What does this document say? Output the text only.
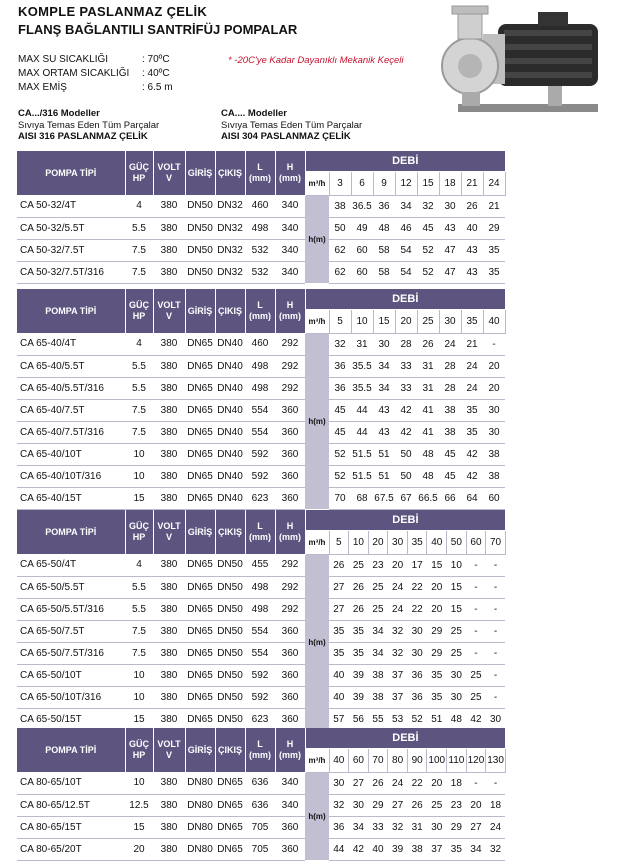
KOMPLE PASLANMAZ ÇELİK
FLANŞ BAĞLANTILI SANTRİFÜJ POMPALAR
MAX SU SICAKLIĞI	: 70ºC
MAX ORTAM SICAKLIĞI	: 40ºC
MAX EMİŞ	: 6.5 m
* -20C'ye Kadar Dayanıklı Mekanik Keçeli
CA.../316 Modeller
Sıvıya Temas Eden Tüm Parçalar
AISI 316 PASLANMAZ ÇELİK
CA.... Modeller
Sıvıya Temas Eden Tüm Parçalar
AISI 304 PASLANMAZ ÇELİK
POMPA TİPİ	GÜÇ HP	VOLT V	GİRİŞ	ÇIKIŞ	L (mm)	H (mm)	DEBİ								
							m³/h	3	6	9	12	15	18	21	24
CA 50-32/4T	4	380	DN50	DN32	460	340	h(m)	38	36.5	36	34	32	30	26	21
CA 50-32/5.5T	5.5	380	DN50	DN32	498	340		50	49	48	46	45	43	40	29
CA 50-32/7.5T	7.5	380	DN50	DN32	532	340		62	60	58	54	52	47	43	35
CA 50-32/7.5T/316	7.5	380	DN50	DN32	532	340		62	60	58	54	52	47	43	35
POMPA TİPİ	GÜÇ HP	VOLT V	GİRİŞ	ÇIKIŞ	L (mm)	H (mm)	DEBİ								
							m³/h	5	10	15	20	25	30	35	40
CA 65-40/4T	4	380	DN65	DN40	460	292	h(m)	32	31	30	28	26	24	21	-
CA 65-40/5.5T	5.5	380	DN65	DN40	498	292		36	35.5	34	33	31	28	24	20
CA 65-40/5.5T/316	5.5	380	DN65	DN40	498	292		36	35.5	34	33	31	28	24	20
CA 65-40/7.5T	7.5	380	DN65	DN40	554	360		45	44	43	42	41	38	35	30
CA 65-40/7.5T/316	7.5	380	DN65	DN40	554	360		45	44	43	42	41	38	35	30
CA 65-40/10T	10	380	DN65	DN40	592	360		52	51.5	51	50	48	45	42	38
CA 65-40/10T/316	10	380	DN65	DN40	592	360		52	51.5	51	50	48	45	42	38
CA 65-40/15T	15	380	DN65	DN40	623	360		70	68	67.5	67	66.5	66	64	60
POMPA TİPİ	GÜÇ HP	VOLT V	GİRİŞ	ÇIKIŞ	L (mm)	H (mm)	DEBİ									
							m³/h	5	10	20	30	35	40	50	60	70
CA 65-50/4T	4	380	DN65	DN50	455	292	h(m)	26	25	23	20	17	15	10	-	-
CA 65-50/5.5T	5.5	380	DN65	DN50	498	292		27	26	25	24	22	20	15	-	-
CA 65-50/5.5T/316	5.5	380	DN65	DN50	498	292		27	26	25	24	22	20	15	-	-
CA 65-50/7.5T	7.5	380	DN65	DN50	554	360		35	35	34	32	30	29	25	-	-
CA 65-50/7.5T/316	7.5	380	DN65	DN50	554	360		35	35	34	32	30	29	25	-	-
CA 65-50/10T	10	380	DN65	DN50	592	360		40	39	38	37	36	35	30	25	-
CA 65-50/10T/316	10	380	DN65	DN50	592	360		40	39	38	37	36	35	30	25	-
CA 65-50/15T	15	380	DN65	DN50	623	360		57	56	55	53	52	51	48	42	30
POMPA TİPİ	GÜÇ HP	VOLT V	GİRİŞ	ÇIKIŞ	L (mm)	H (mm)	DEBİ									
							m³/h	40	60	70	80	90	100	110	120	130
CA 80-65/10T	10	380	DN80	DN65	636	340	h(m)	30	27	26	24	22	20	18	-	-
CA 80-65/12.5T	12.5	380	DN80	DN65	636	340		32	30	29	27	26	25	23	20	18
CA 80-65/15T	15	380	DN80	DN65	705	360		36	34	33	32	31	30	29	27	24
CA 80-65/20T	20	380	DN80	DN65	705	360		44	42	40	39	38	37	35	34	32
